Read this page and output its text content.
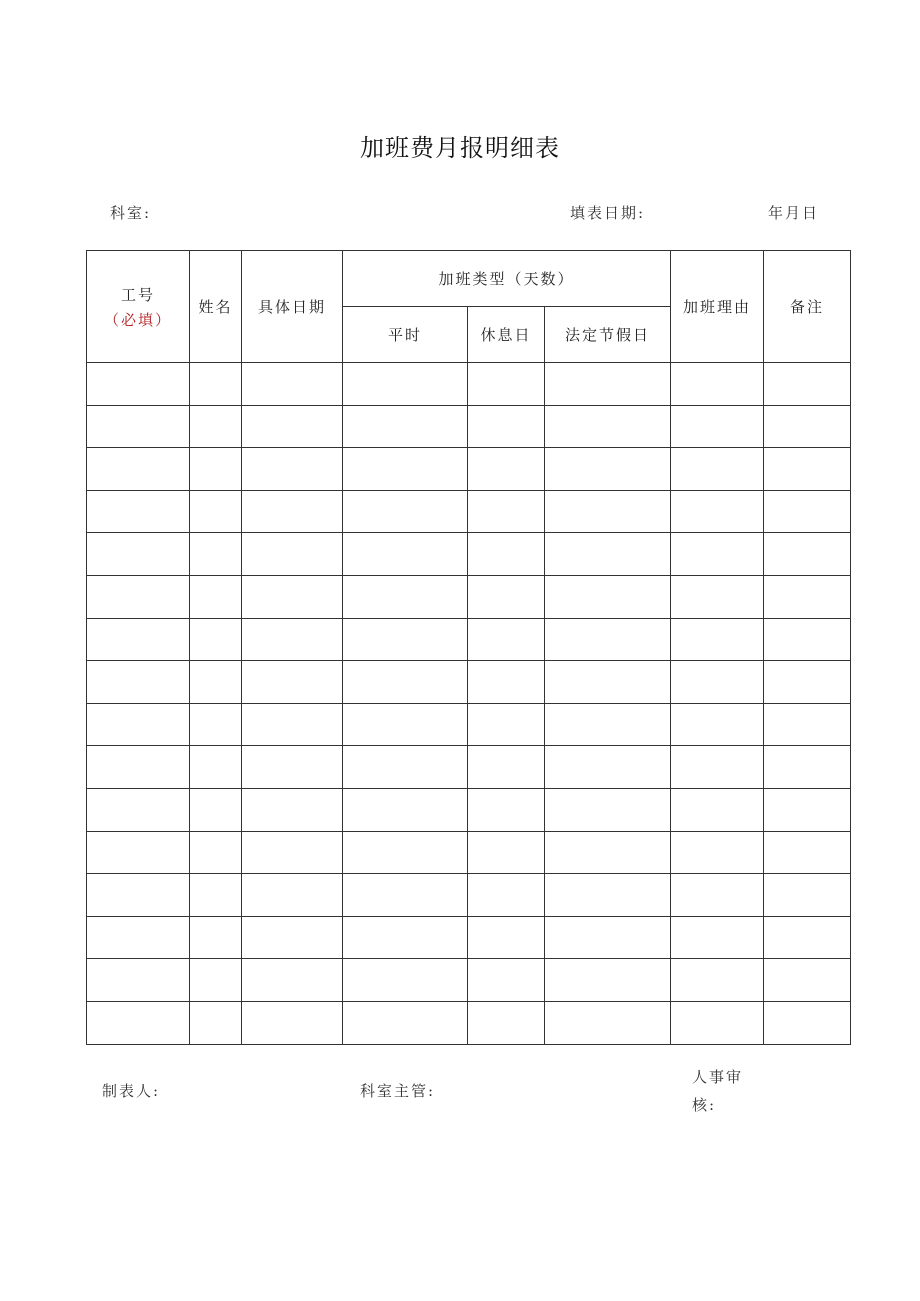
加班费月报明细表
科室:	填表日期:	年月日
工号
（必填）	姓名	具体日期	加班类型（天数）			加班理由	备注
			平时	休息日	法定节假日		

制表人:	科室主管:
人事审核:
